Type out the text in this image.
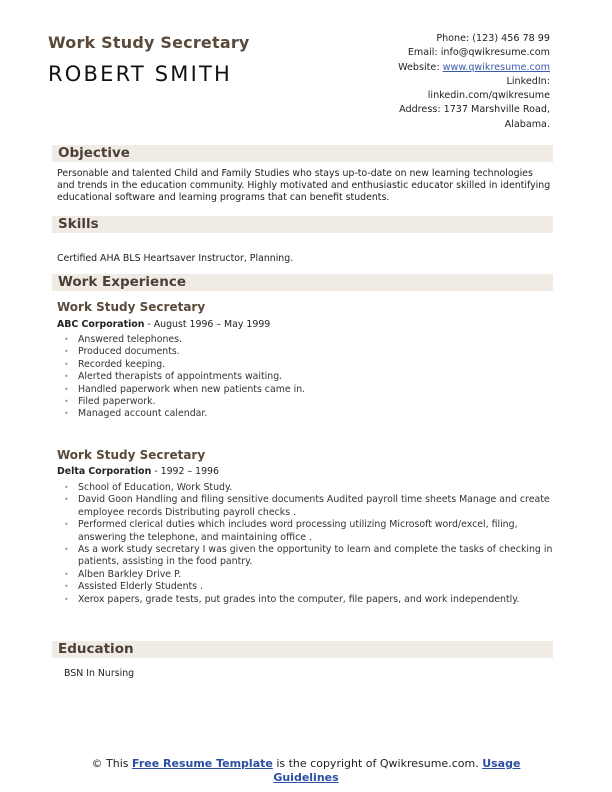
Work Study Secretary
ROBERT SMITH
Phone: (123) 456 78 99
Email: info@qwikresume.com
Website: www.qwikresume.com
LinkedIn:
linkedin.com/qwikresume
Address: 1737 Marshville Road,
Alabama.
Objective
Personable and talented Child and Family Studies who stays up-to-date on new learning technologies and trends in the education community. Highly motivated and enthusiastic educator skilled in identifying educational software and learning programs that can benefit students.
Skills
Certified AHA BLS Heartsaver Instructor, Planning.
Work Experience
Work Study Secretary
ABC Corporation - August 1996 – May 1999
• Answered telephones.
• Produced documents.
• Recorded keeping.
• Alerted therapists of appointments waiting.
• Handled paperwork when new patients came in.
• Filed paperwork.
• Managed account calendar.
Work Study Secretary
Delta Corporation - 1992 – 1996
• School of Education, Work Study.
• David Goon Handling and filing sensitive documents Audited payroll time sheets Manage and create employee records Distributing payroll checks .
• Performed clerical duties which includes word processing utilizing Microsoft word/excel, filing, answering the telephone, and maintaining office .
• As a work study secretary I was given the opportunity to learn and complete the tasks of checking in patients, assisting in the food pantry.
• Alben Barkley Drive P.
• Assisted Elderly Students .
• Xerox papers, grade tests, put grades into the computer, file papers, and work independently.
Education
BSN In Nursing
© This Free Resume Template is the copyright of Qwikresume.com. Usage Guidelines
